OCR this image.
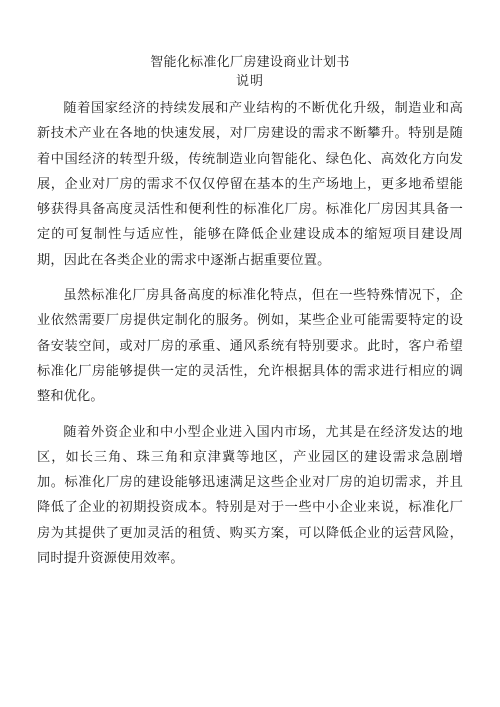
智能化标准化厂房建设商业计划书
说明

随着国家经济的持续发展和产业结构的不断优化升级，制造业和高新技术产业在各地的快速发展，对厂房建设的需求不断攀升。特别是随着中国经济的转型升级，传统制造业向智能化、绿色化、高效化方向发展，企业对厂房的需求不仅仅停留在基本的生产场地上，更多地希望能够获得具备高度灵活性和便利性的标准化厂房。标准化厂房因其具备一定的可复制性与适应性，能够在降低企业建设成本的缩短项目建设周期，因此在各类企业的需求中逐渐占据重要位置。

虽然标准化厂房具备高度的标准化特点，但在一些特殊情况下，企业依然需要厂房提供定制化的服务。例如，某些企业可能需要特定的设备安装空间，或对厂房的承重、通风系统有特别要求。此时，客户希望标准化厂房能够提供一定的灵活性，允许根据具体的需求进行相应的调整和优化。

随着外资企业和中小型企业进入国内市场，尤其是在经济发达的地区，如长三角、珠三角和京津冀等地区，产业园区的建设需求急剧增加。标准化厂房的建设能够迅速满足这些企业对厂房的迫切需求，并且降低了企业的初期投资成本。特别是对于一些中小企业来说，标准化厂房为其提供了更加灵活的租赁、购买方案，可以降低企业的运营风险，同时提升资源使用效率。
